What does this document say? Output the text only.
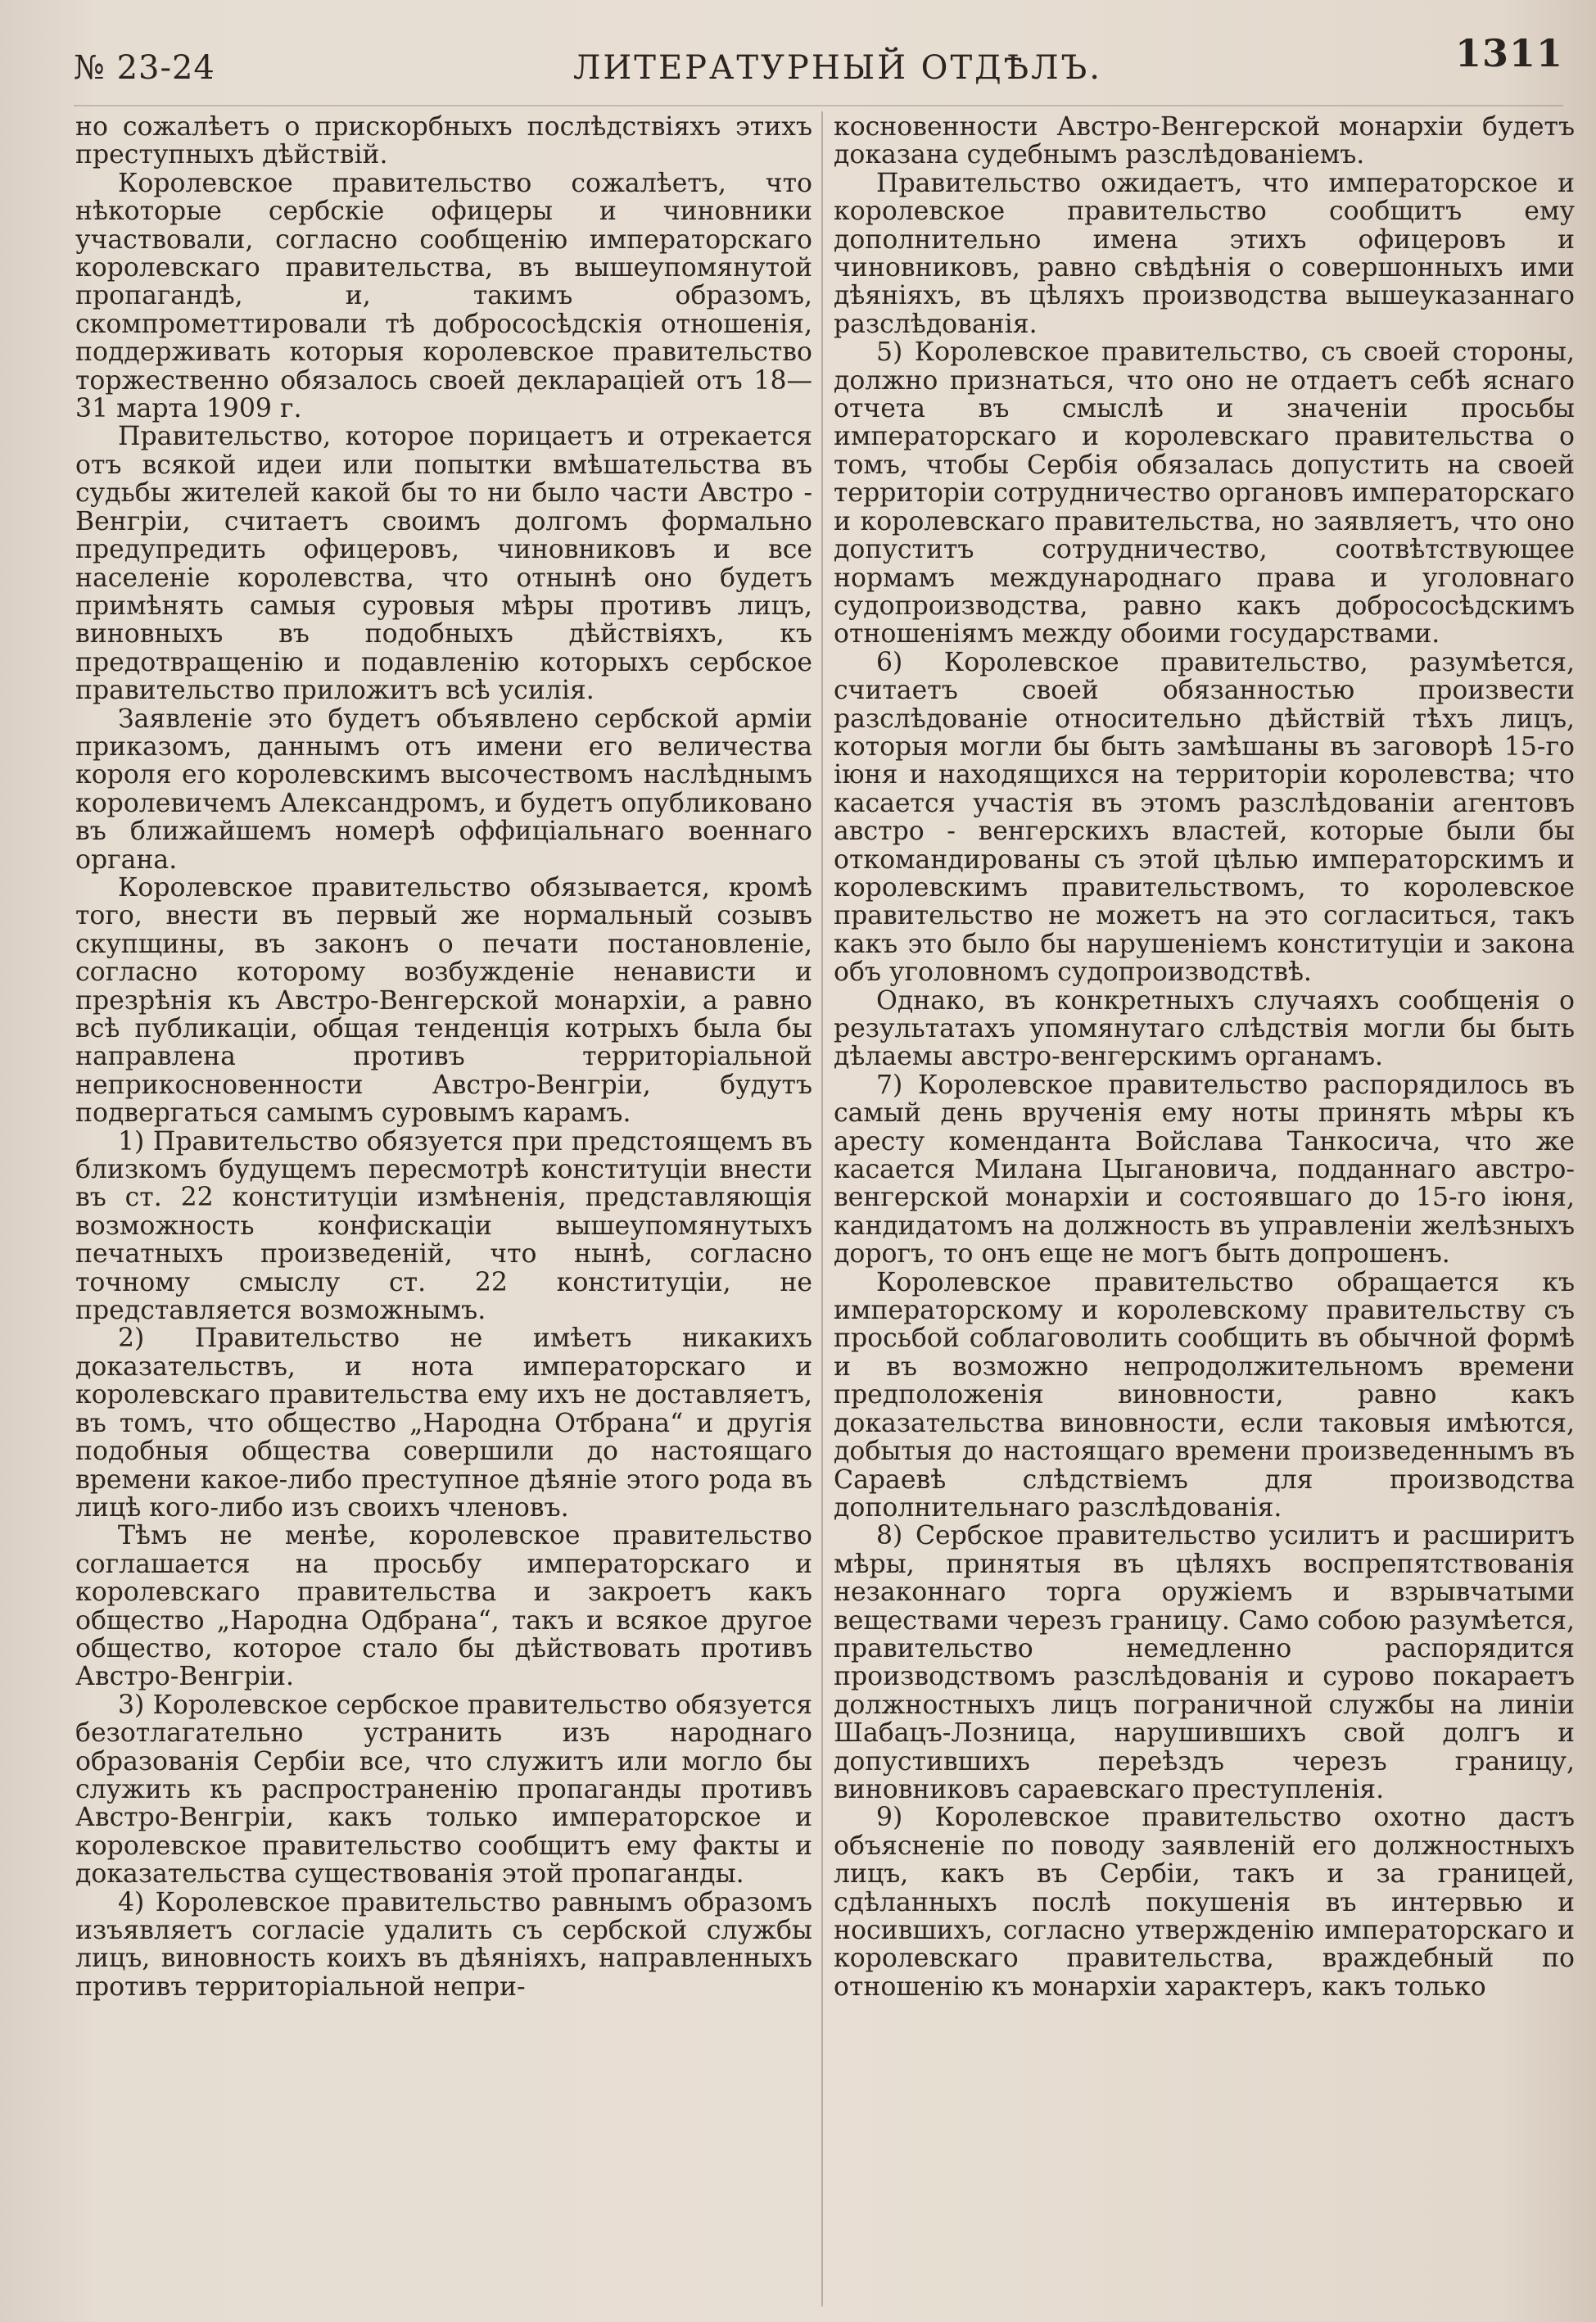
№ 23-24	ЛИТЕРАТУРНЫЙ ОТДѢЛЪ.	1311

но сожалѣетъ о прискорбныхъ послѣдствіяхъ этихъ преступныхъ дѣйствій.

Королевское правительство сожалѣетъ, что нѣкоторые сербскіе офицеры и чиновники участвовали, согласно сообщенію императорскаго королевскаго правительства, въ вышеупомянутой пропагандѣ, и, такимъ образомъ, скомпрометтировали тѣ добрососѣдскія отношенія, поддерживать которыя королевское правительство торжественно обязалось своей декларацiей отъ 18—31 марта 1909 г.

Правительство, которое порицаетъ и отрекается отъ всякой идеи или попытки вмѣшательства въ судьбы жителей какой бы то ни было части Австро - Венгріи, считаетъ своимъ долгомъ формально предупредить офицеровъ, чиновниковъ и все населеніе королевства, что отнынѣ оно будетъ примѣнять самыя суровыя мѣры противъ лицъ, виновныхъ въ подобныхъ дѣйствіяхъ, къ предотвращенію и подавленію которыхъ сербское правительство приложитъ всѣ усилія.

Заявленіе это будетъ объявлено сербской арміи приказомъ, даннымъ отъ имени его величества короля его королевскимъ высочествомъ наслѣднымъ королевичемъ Александромъ, и будетъ опубликовано въ ближайшемъ номерѣ оффиціальнаго военнаго органа.

Королевское правительство обязывается, кромѣ того, внести въ первый же нормальный созывъ скупщины, въ законъ о печати постановленіе, согласно которому возбужденіе ненависти и презрѣнія къ Австро-Венгерской монархіи, а равно всѣ публикаціи, общая тенденція котрыхъ была бы направлена противъ территоріальной неприкосновенности Австро-Венгріи, будутъ подвергаться самымъ суровымъ карамъ.

1) Правительство обязуется при предстоящемъ въ близкомъ будущемъ пересмотрѣ конституціи внести въ ст. 22 конституціи измѣненія, представляющія возможность конфискаціи вышеупомянутыхъ печатныхъ произведеній, что нынѣ, согласно точному смыслу ст. 22 конституціи, не представляется возможнымъ.

2) Правительство не имѣетъ никакихъ доказательствъ, и нота императорскаго и королевскаго правительства ему ихъ не доставляетъ, въ томъ, что общество „Народна Отбрана“ и другія подобныя общества совершили до настоящаго времени какое-либо преступное дѣяніе этого рода въ лицѣ кого-либо изъ своихъ членовъ.

Тѣмъ не менѣе, королевское правительство соглашается на просьбу императорскаго и королевскаго правительства и закроетъ какъ общество „Народна Одбрана“, такъ и всякое другое общество, которое стало бы дѣйствовать противъ Австро-Венгріи.

3) Королевское сербское правительство обязуется безотлагательно устранить изъ народнаго образованія Сербіи все, что служитъ или могло бы служить къ распространенію пропаганды противъ Австро-Венгріи, какъ только императорское и королевское правительство сообщитъ ему факты и доказательства существованія этой пропаганды.

4) Королевское правительство равнымъ образомъ изъявляетъ согласіе удалить съ сербской службы лицъ, виновность коихъ въ дѣяніяхъ, направленныхъ противъ территоріальной непри-

косновенности Австро-Венгерской монархіи будетъ доказана судебнымъ разслѣдованіемъ.

Правительство ожидаетъ, что императорское и королевское правительство сообщитъ ему дополнительно имена этихъ офицеровъ и чиновниковъ, равно свѣдѣнія о совершонныхъ ими дѣяніяхъ, въ цѣляхъ производства вышеуказаннаго разслѣдованія.

5) Королевское правительство, съ своей стороны, должно признаться, что оно не отдаетъ себѣ яснаго отчета въ смыслѣ и значеніи просьбы императорскаго и королевскаго правительства о томъ, чтобы Сербія обязалась допустить на своей территоріи сотрудничество органовъ императорскаго и королевскаго правительства, но заявляетъ, что оно допуститъ сотрудничество, соотвѣтствующее нормамъ международнаго права и уголовнаго судопроизводства, равно какъ добрососѣдскимъ отношеніямъ между обоими государствами.

6) Королевское правительство, разумѣется, считаетъ своей обязанностью произвести разслѣдованіе относительно дѣйствій тѣхъ лицъ, которыя могли бы быть замѣшаны въ заговорѣ 15-го іюня и находящихся на территоріи королевства; что касается участія въ этомъ разслѣдованіи агентовъ австро - венгерскихъ властей, которые были бы откомандированы съ этой цѣлью императорскимъ и королевскимъ правительствомъ, то королевское правительство не можетъ на это согласиться, такъ какъ это было бы нарушеніемъ конституціи и закона объ уголовномъ судопроизводствѣ.

Однако, въ конкретныхъ случаяхъ сообщенія о результатахъ упомянутаго слѣдствія могли бы быть дѣлаемы австро-венгерскимъ органамъ.

7) Королевское правительство распорядилось въ самый день врученія ему ноты принять мѣры къ аресту коменданта Войслава Танкосича, что же касается Милана Цыгановича, подданнаго австро-венгерской монархіи и состоявшаго до 15-го іюня, кандидатомъ на должность въ управленіи желѣзныхъ дорогъ, то онъ еще не могъ быть допрошенъ.

Королевское правительство обращается къ императорскому и королевскому правительству съ просьбой соблаговолить сообщить въ обычной формѣ и въ возможно непродолжительномъ времени предположенія виновности, равно какъ доказательства виновности, если таковыя имѣются, добытыя до настоящаго времени произведеннымъ въ Сараевѣ слѣдствіемъ для производства дополнительнаго разслѣдованія.

8) Сербское правительство усилитъ и расширитъ мѣры, принятыя въ цѣляхъ воспрепятствованія незаконнаго торга оружіемъ и взрывчатыми веществами черезъ границу. Само собою разумѣется, правительство немедленно распорядится производствомъ разслѣдованія и сурово покараетъ должностныхъ лицъ пограничной службы на линіи Шабацъ-Лозница, нарушившихъ свой долгъ и допустившихъ переѣздъ черезъ границу, виновниковъ сараевскаго преступленія.

9) Королевское правительство охотно дастъ объясненіе по поводу заявленій его должностныхъ лицъ, какъ въ Сербіи, такъ и за границей, сдѣланныхъ послѣ покушенія въ интервью и носившихъ, согласно утвержденію императорскаго и королевскаго правительства, враждебный по отношенію къ монархіи характеръ, какъ только
